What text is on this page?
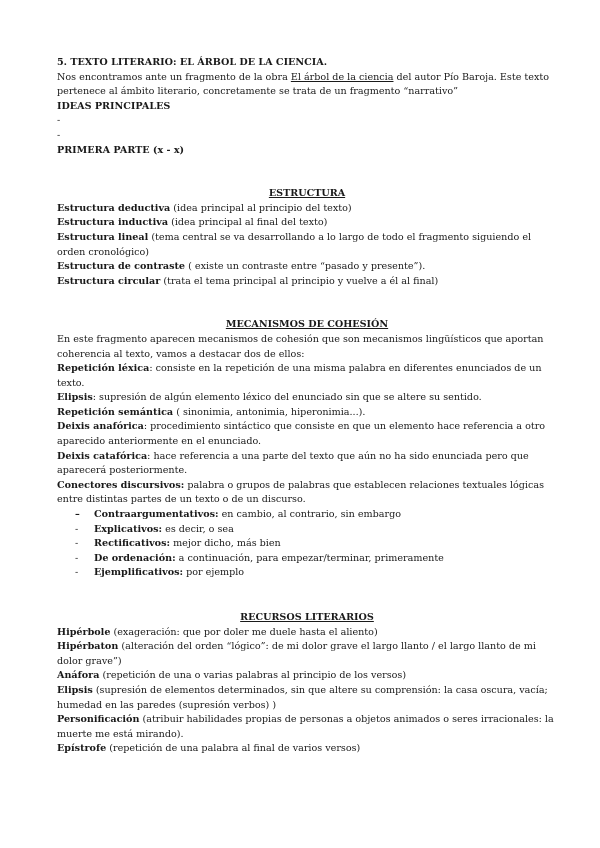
5. TEXTO LITERARIO: EL ÁRBOL DE LA CIENCIA.

Nos encontramos ante un fragmento de la obra El árbol de la ciencia del autor Pío Baroja. Este texto pertenece al ámbito literario, concretamente se trata de un fragmento “narrativo”

IDEAS PRINCIPALES

-

-

PRIMERA PARTE (x - x)

ESTRUCTURA

Estructura deductiva (idea principal al principio del texto)

Estructura inductiva (idea principal al final del texto)

Estructura lineal (tema central se va desarrollando a lo largo de todo el fragmento siguiendo el orden cronológico)

Estructura de contraste ( existe un contraste entre “pasado y presente”).

Estructura circular (trata el tema principal al principio y vuelve a él al final)

MECANISMOS DE COHESIÓN

En este fragmento aparecen mecanismos de cohesión que son mecanismos lingüísticos que aportan coherencia al texto, vamos a destacar dos de ellos:

Repetición léxica: consiste en la repetición de una misma palabra en diferentes enunciados de un texto.

Elipsis: supresión de algún elemento léxico del enunciado sin que se altere su sentido.

Repetición semántica ( sinonimia, antonimia, hiperonimia...).

Deixis anafórica: procedimiento sintáctico que consiste en que un elemento hace referencia a otro aparecido anteriormente en el enunciado.

Deixis catafórica: hace referencia a una parte del texto que aún no ha sido enunciada pero que aparecerá posteriormente.

Conectores discursivos: palabra o grupos de palabras que establecen relaciones textuales lógicas entre distintas partes de un texto o de un discurso.

– Contraargumentativos: en cambio, al contrario, sin embargo
- Explicativos: es decir, o sea
- Rectificativos: mejor dicho, más bien
- De ordenación: a continuación, para empezar/terminar, primeramente
- Ejemplificativos: por ejemplo

RECURSOS LITERARIOS

Hipérbole (exageración: que por doler me duele hasta el aliento)

Hipérbaton (alteración del orden “lógico”: de mi dolor grave el largo llanto / el largo llanto de mi dolor grave”)

Anáfora (repetición de una o varias palabras al principio de los versos)

Elipsis (supresión de elementos determinados, sin que altere su comprensión: la casa oscura, vacía; humedad en las paredes (supresión verbos) )

Personificación (atribuir habilidades propias de personas a objetos animados o seres irracionales: la muerte me está mirando).

Epístrofe (repetición de una palabra al final de varios versos)
